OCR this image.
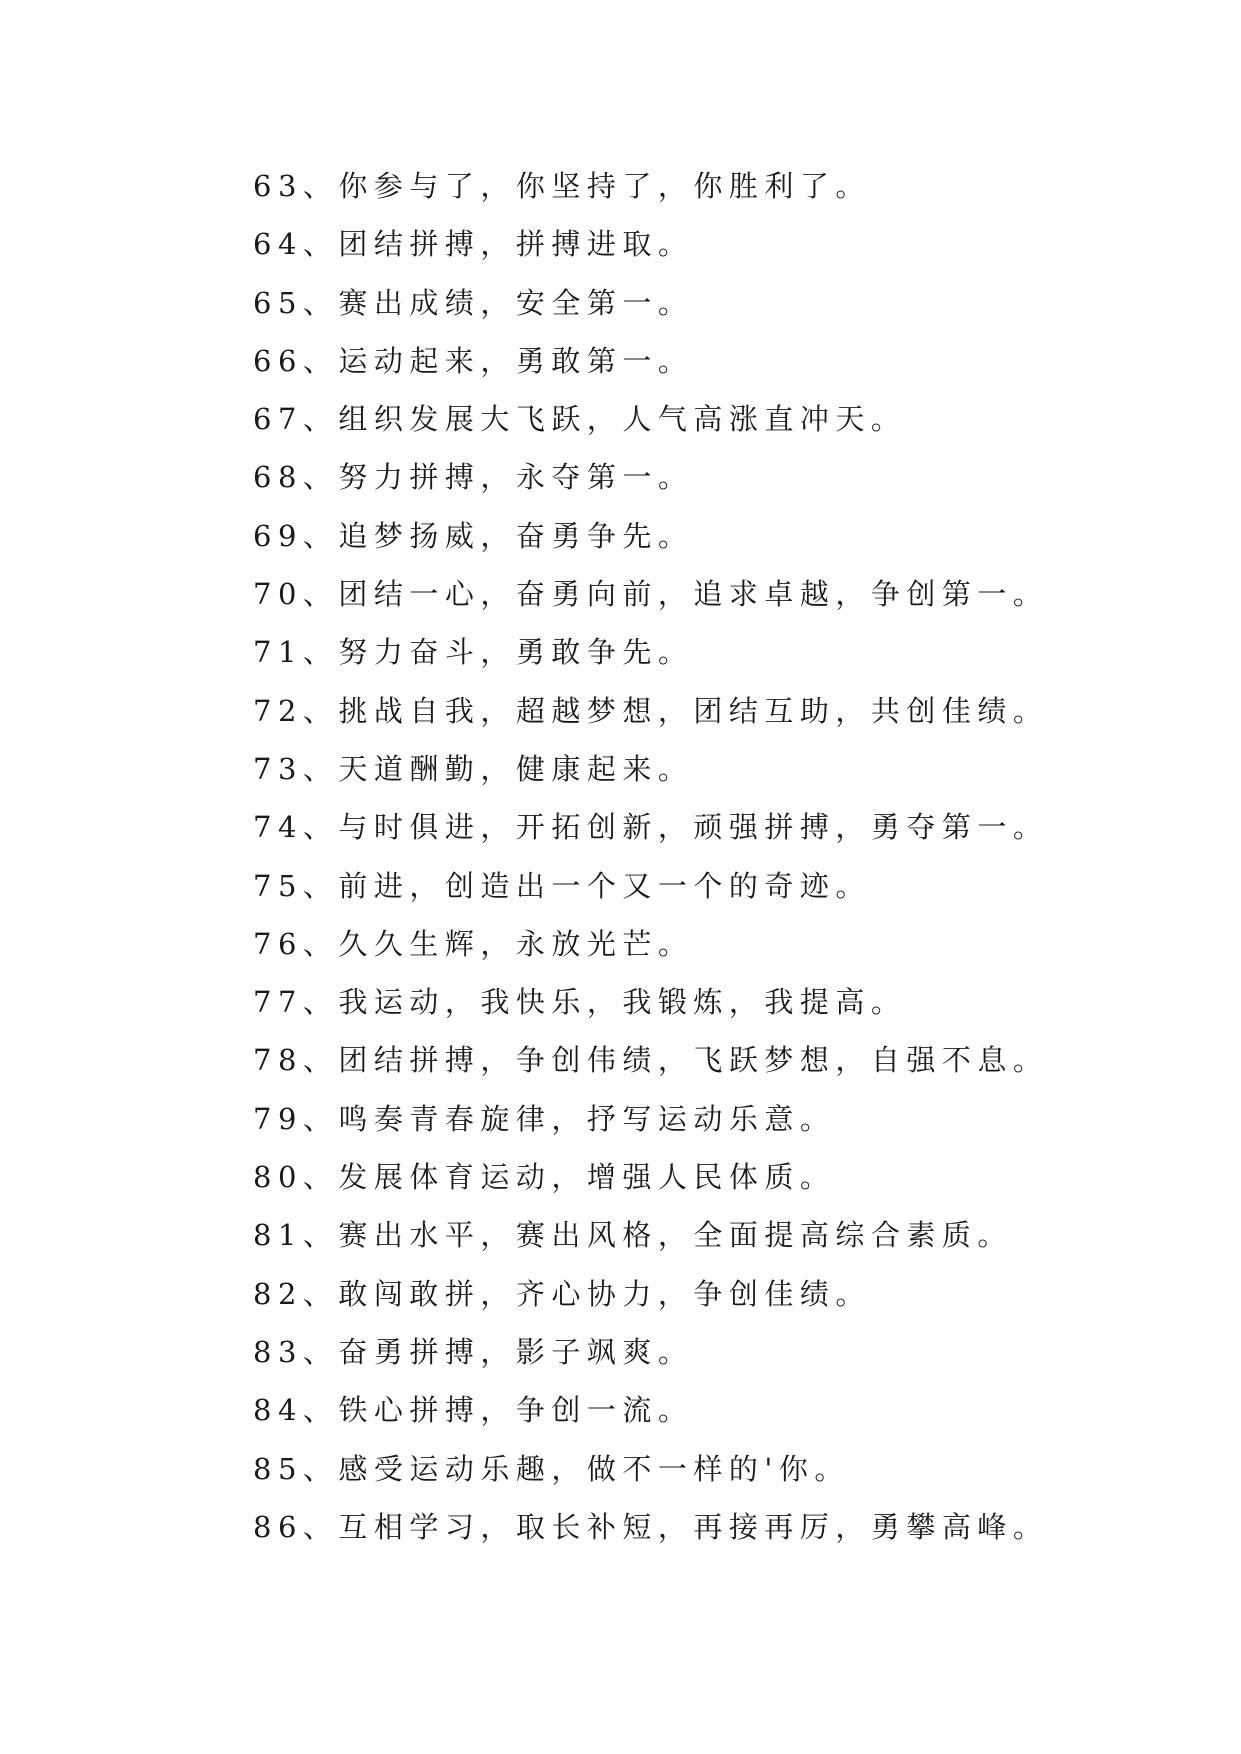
63、你参与了，你坚持了，你胜利了。
64、团结拼搏，拼搏进取。
65、赛出成绩，安全第一。
66、运动起来，勇敢第一。
67、组织发展大飞跃，人气高涨直冲天。
68、努力拼搏，永夺第一。
69、追梦扬威，奋勇争先。
70、团结一心，奋勇向前，追求卓越，争创第一。
71、努力奋斗，勇敢争先。
72、挑战自我，超越梦想，团结互助，共创佳绩。
73、天道酬勤，健康起来。
74、与时俱进，开拓创新，顽强拼搏，勇夺第一。
75、前进，创造出一个又一个的奇迹。
76、久久生辉，永放光芒。
77、我运动，我快乐，我锻炼，我提高。
78、团结拼搏，争创伟绩，飞跃梦想，自强不息。
79、鸣奏青春旋律，抒写运动乐意。
80、发展体育运动，增强人民体质。
81、赛出水平，赛出风格，全面提高综合素质。
82、敢闯敢拼，齐心协力，争创佳绩。
83、奋勇拼搏，影子飒爽。
84、铁心拼搏，争创一流。
85、感受运动乐趣，做不一样的'你。
86、互相学习，取长补短，再接再厉，勇攀高峰。
